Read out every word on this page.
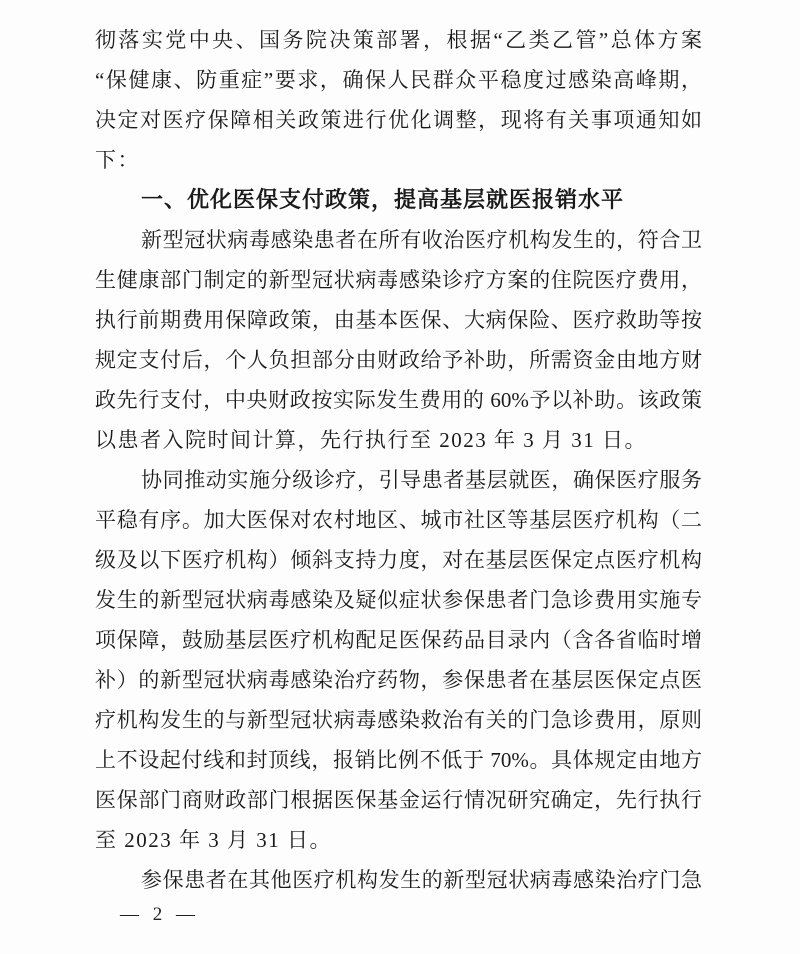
彻落实党中央、国务院决策部署，根据“乙类乙管”总体方案
“保健康、防重症”要求，确保人民群众平稳度过感染高峰期，
决定对医疗保障相关政策进行优化调整，现将有关事项通知如
下：
一、优化医保支付政策，提高基层就医报销水平
新型冠状病毒感染患者在所有收治医疗机构发生的，符合卫
生健康部门制定的新型冠状病毒感染诊疗方案的住院医疗费用，
执行前期费用保障政策，由基本医保、大病保险、医疗救助等按
规定支付后，个人负担部分由财政给予补助，所需资金由地方财
政先行支付，中央财政按实际发生费用的 60%予以补助。该政策
以患者入院时间计算，先行执行至 2023 年 3 月 31 日。
协同推动实施分级诊疗，引导患者基层就医，确保医疗服务
平稳有序。加大医保对农村地区、城市社区等基层医疗机构（二
级及以下医疗机构）倾斜支持力度，对在基层医保定点医疗机构
发生的新型冠状病毒感染及疑似症状参保患者门急诊费用实施专
项保障，鼓励基层医疗机构配足医保药品目录内（含各省临时增
补）的新型冠状病毒感染治疗药物，参保患者在基层医保定点医
疗机构发生的与新型冠状病毒感染救治有关的门急诊费用，原则
上不设起付线和封顶线，报销比例不低于 70%。具体规定由地方
医保部门商财政部门根据医保基金运行情况研究确定，先行执行
至 2023 年 3 月 31 日。
参保患者在其他医疗机构发生的新型冠状病毒感染治疗门急
— 2 —
